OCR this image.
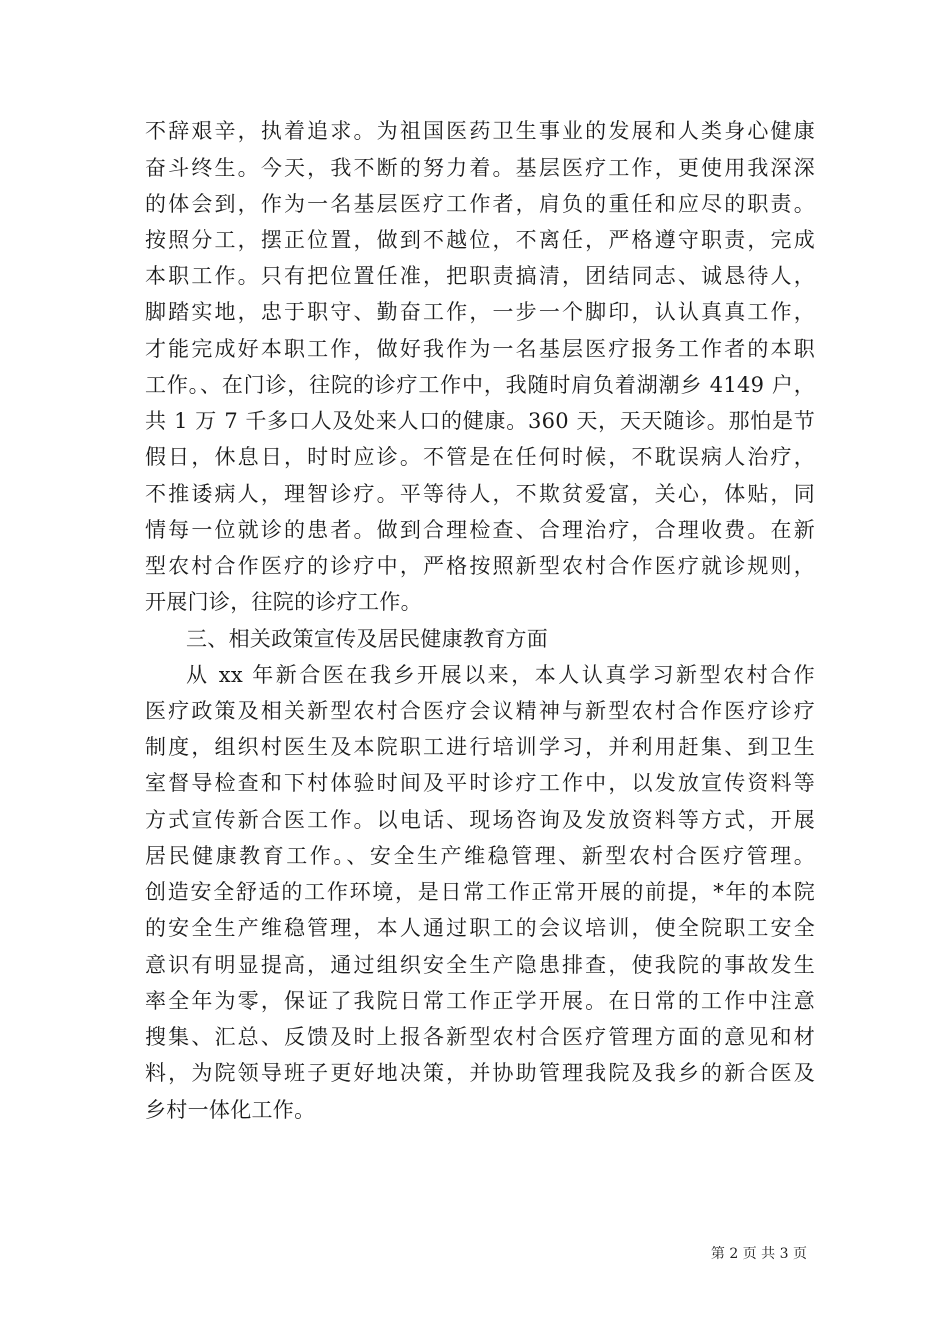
不辞艰辛，执着追求。为祖国医药卫生事业的发展和人类身心健康
奋斗终生。今天，我不断的努力着。基层医疗工作，更使用我深深
的体会到，作为一名基层医疗工作者，肩负的重任和应尽的职责。
按照分工，摆正位置，做到不越位，不离任，严格遵守职责，完成
本职工作。只有把位置任准，把职责搞清，团结同志、诚恳待人，
脚踏实地，忠于职守、勤奋工作，一步一个脚印，认认真真工作，
才能完成好本职工作，做好我作为一名基层医疗报务工作者的本职
工作。、在门诊，往院的诊疗工作中，我随时肩负着湖潮乡 4149 户，
共 1 万 7 千多口人及处来人口的健康。360 天，天天随诊。那怕是节
假日，休息日，时时应诊。不管是在任何时候，不耽误病人治疗，
不推诿病人，理智诊疗。平等待人，不欺贫爱富，关心，体贴，同
情每一位就诊的患者。做到合理检查、合理治疗，合理收费。在新
型农村合作医疗的诊疗中，严格按照新型农村合作医疗就诊规则，
开展门诊，往院的诊疗工作。
三、相关政策宣传及居民健康教育方面
从 xx 年新合医在我乡开展以来，本人认真学习新型农村合作
医疗政策及相关新型农村合医疗会议精神与新型农村合作医疗诊疗
制度，组织村医生及本院职工进行培训学习，并利用赶集、到卫生
室督导检查和下村体验时间及平时诊疗工作中，以发放宣传资料等
方式宣传新合医工作。以电话、现场咨询及发放资料等方式，开展
居民健康教育工作。、安全生产维稳管理、新型农村合医疗管理。
创造安全舒适的工作环境，是日常工作正常开展的前提，*年的本院
的安全生产维稳管理，本人通过职工的会议培训，使全院职工安全
意识有明显提高，通过组织安全生产隐患排查，使我院的事故发生
率全年为零，保证了我院日常工作正学开展。在日常的工作中注意
搜集、汇总、反馈及时上报各新型农村合医疗管理方面的意见和材
料，为院领导班子更好地决策，并协助管理我院及我乡的新合医及
乡村一体化工作。
第 2 页 共 3 页
